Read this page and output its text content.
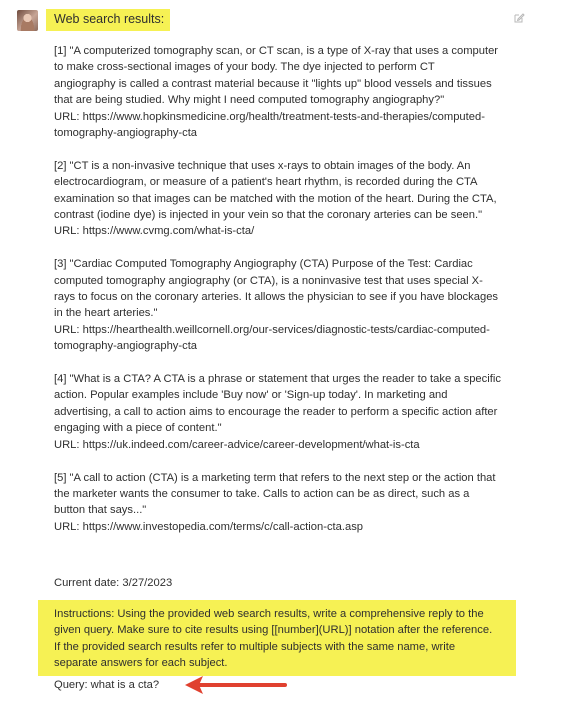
Web search results:
[1] "A computerized tomography scan, or CT scan, is a type of X-ray that uses a computer
to make cross-sectional images of your body. The dye injected to perform CT
angiography is called a contrast material because it "lights up" blood vessels and tissues
that are being studied. Why might I need computed tomography angiography?"
URL: https://www.hopkinsmedicine.org/health/treatment-tests-and-therapies/computed-
tomography-angiography-cta
[2] "CT is a non-invasive technique that uses x-rays to obtain images of the body. An
electrocardiogram, or measure of a patient's heart rhythm, is recorded during the CTA
examination so that images can be matched with the motion of the heart. During the CTA,
contrast (iodine dye) is injected in your vein so that the coronary arteries can be seen."
URL: https://www.cvmg.com/what-is-cta/
[3] "Cardiac Computed Tomography Angiography (CTA) Purpose of the Test: Cardiac
computed tomography angiography (or CTA), is a noninvasive test that uses special X-
rays to focus on the coronary arteries. It allows the physician to see if you have blockages
in the heart arteries."
URL: https://hearthealth.weillcornell.org/our-services/diagnostic-tests/cardiac-computed-
tomography-angiography-cta
[4] "What is a CTA? A CTA is a phrase or statement that urges the reader to take a specific
action. Popular examples include 'Buy now' or 'Sign-up today'. In marketing and
advertising, a call to action aims to encourage the reader to perform a specific action after
engaging with a piece of content."
URL: https://uk.indeed.com/career-advice/career-development/what-is-cta
[5] "A call to action (CTA) is a marketing term that refers to the next step or the action that
the marketer wants the consumer to take. Calls to action can be as direct, such as a
button that says..."
URL: https://www.investopedia.com/terms/c/call-action-cta.asp
Current date: 3/27/2023
Instructions: Using the provided web search results, write a comprehensive reply to the
given query. Make sure to cite results using [[number](URL)] notation after the reference.
If the provided search results refer to multiple subjects with the same name, write
separate answers for each subject.
Query: what is a cta?
